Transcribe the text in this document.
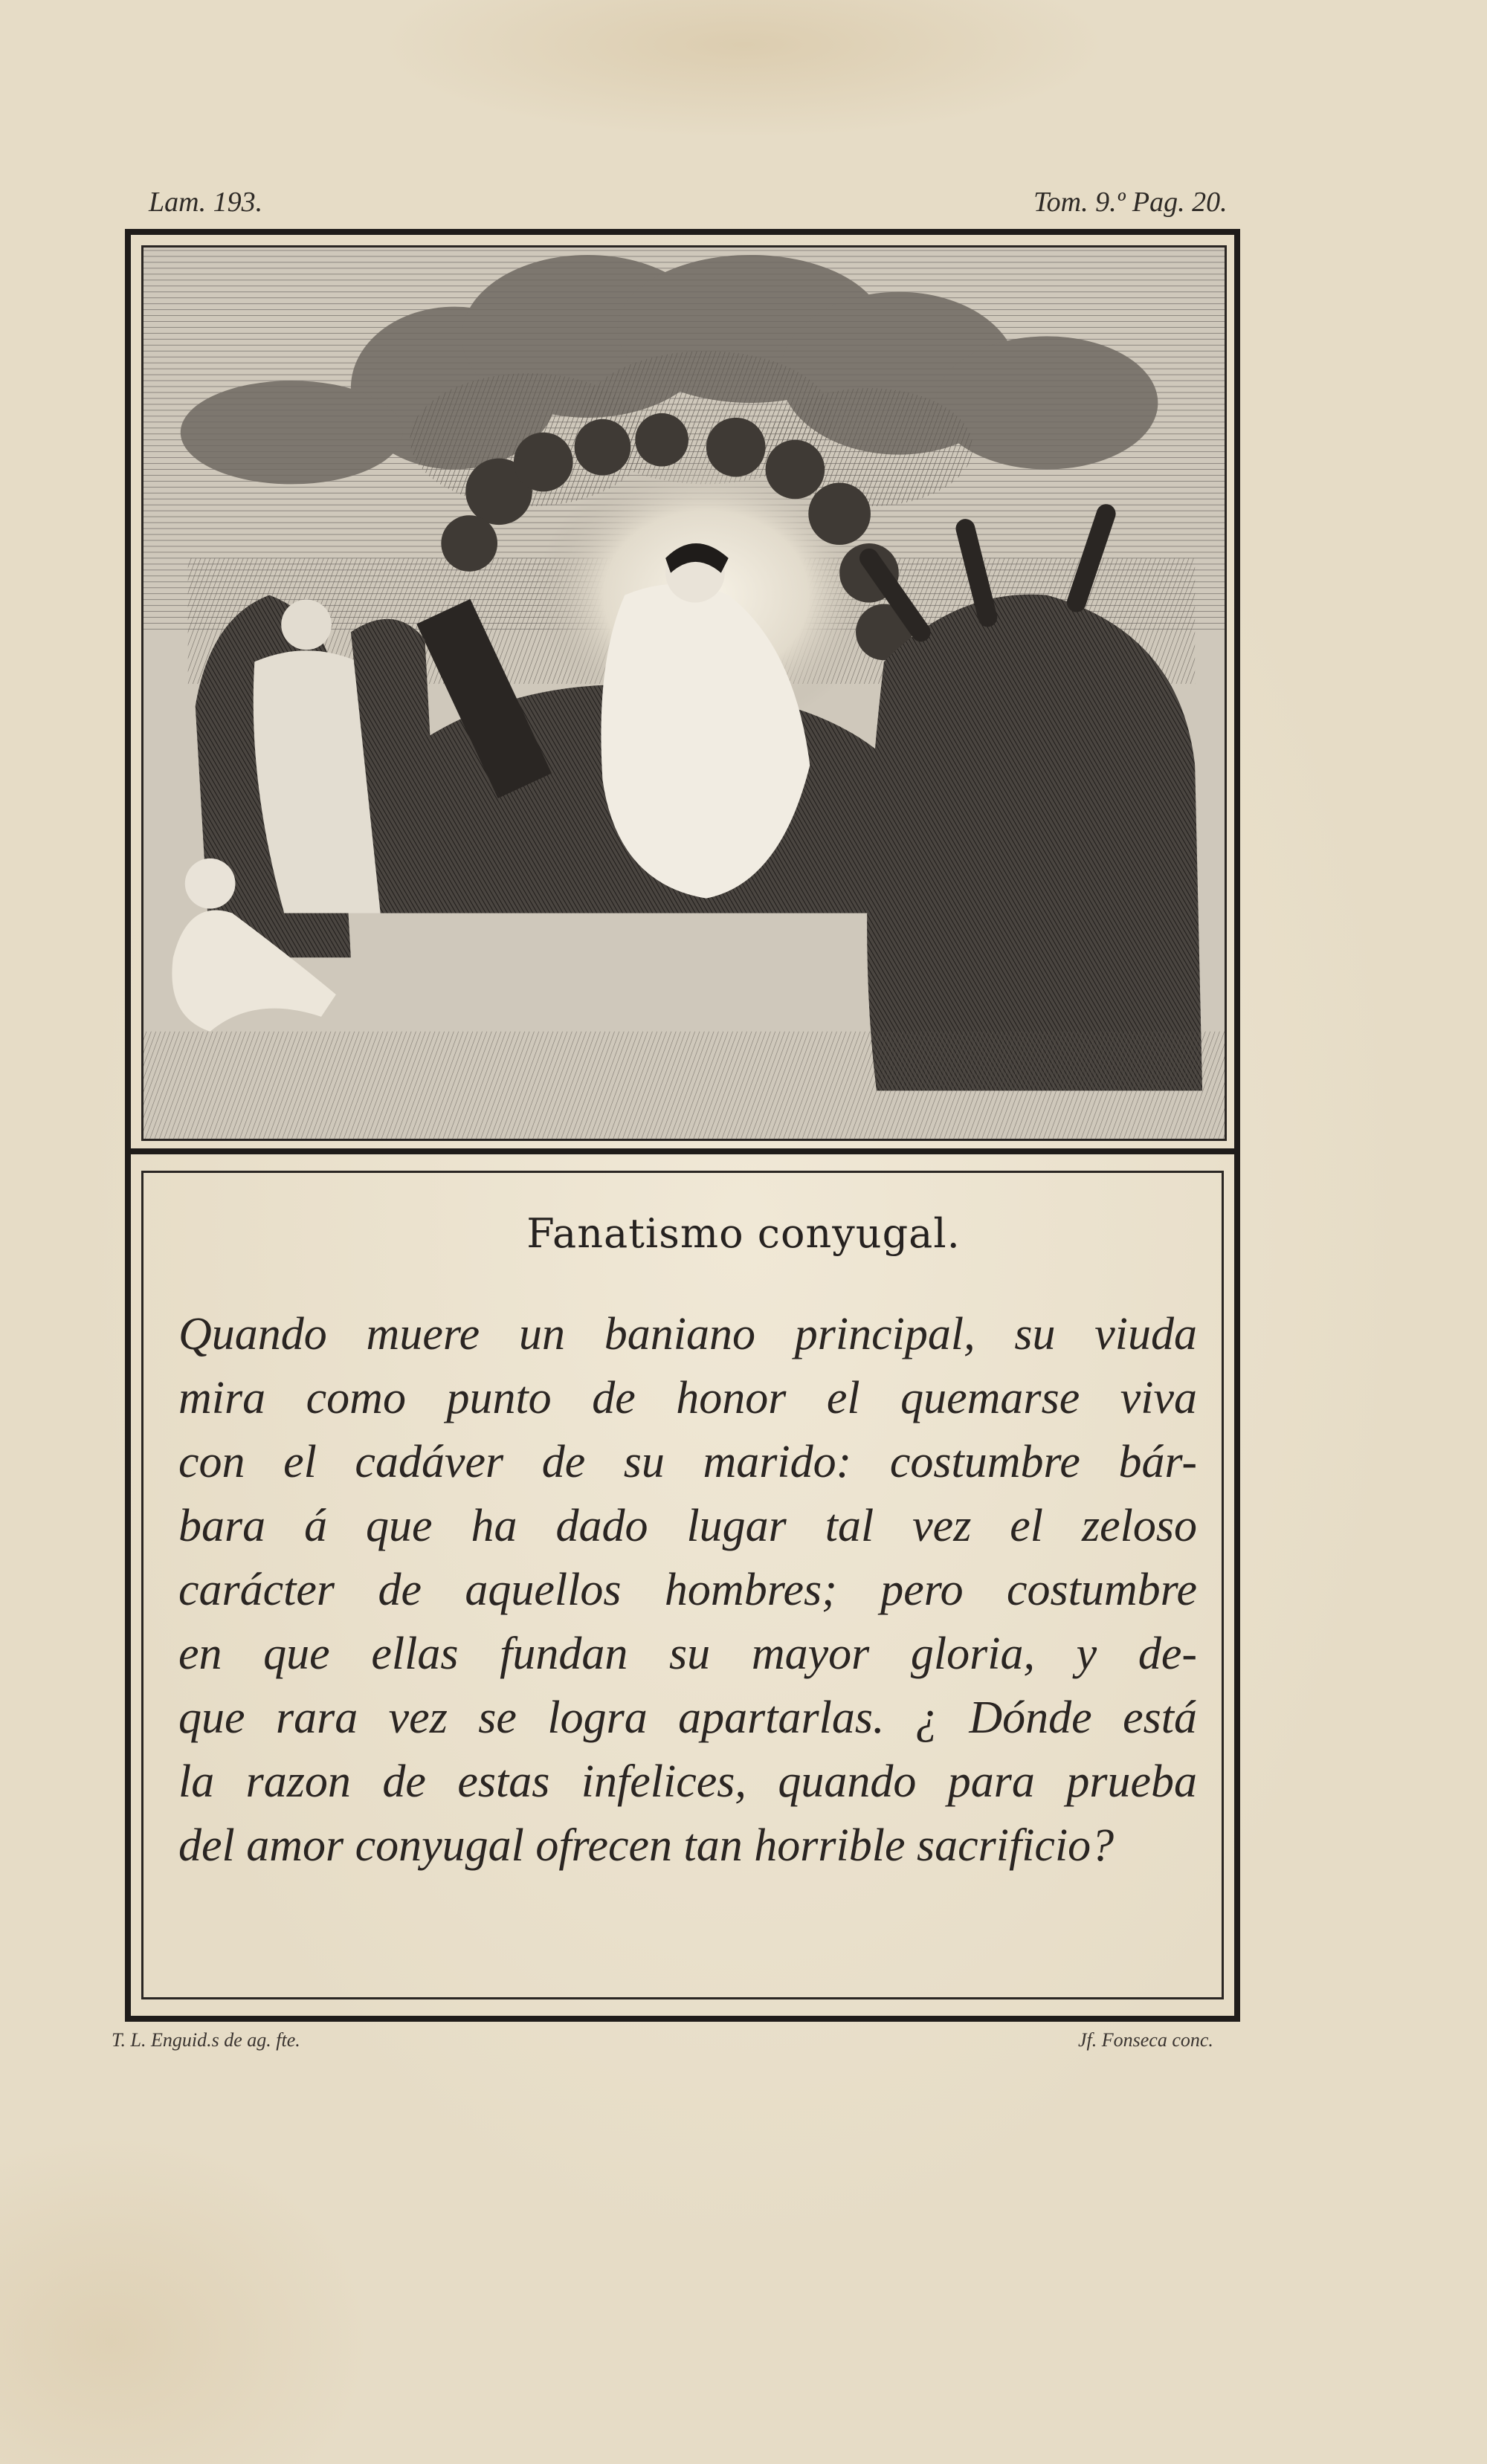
Lam. 193.	Tom. 9.º Pag. 20.
Fanatismo conyugal.
Quando muere un baniano principal, su viuda
mira como punto de honor el quemarse viva
con el cadáver de su marido: costumbre bár-
bara á que ha dado lugar tal vez el zeloso
carácter de aquellos hombres; pero costumbre
en que ellas fundan su mayor gloria, y de-
que rara vez se logra apartarlas. ¿ Dónde está
la razon de estas infelices, quando para prueba
del amor conyugal ofrecen tan horrible sacrificio?
T. L. Enguid.s de ag. fte.	Jf. Fonseca conc.
